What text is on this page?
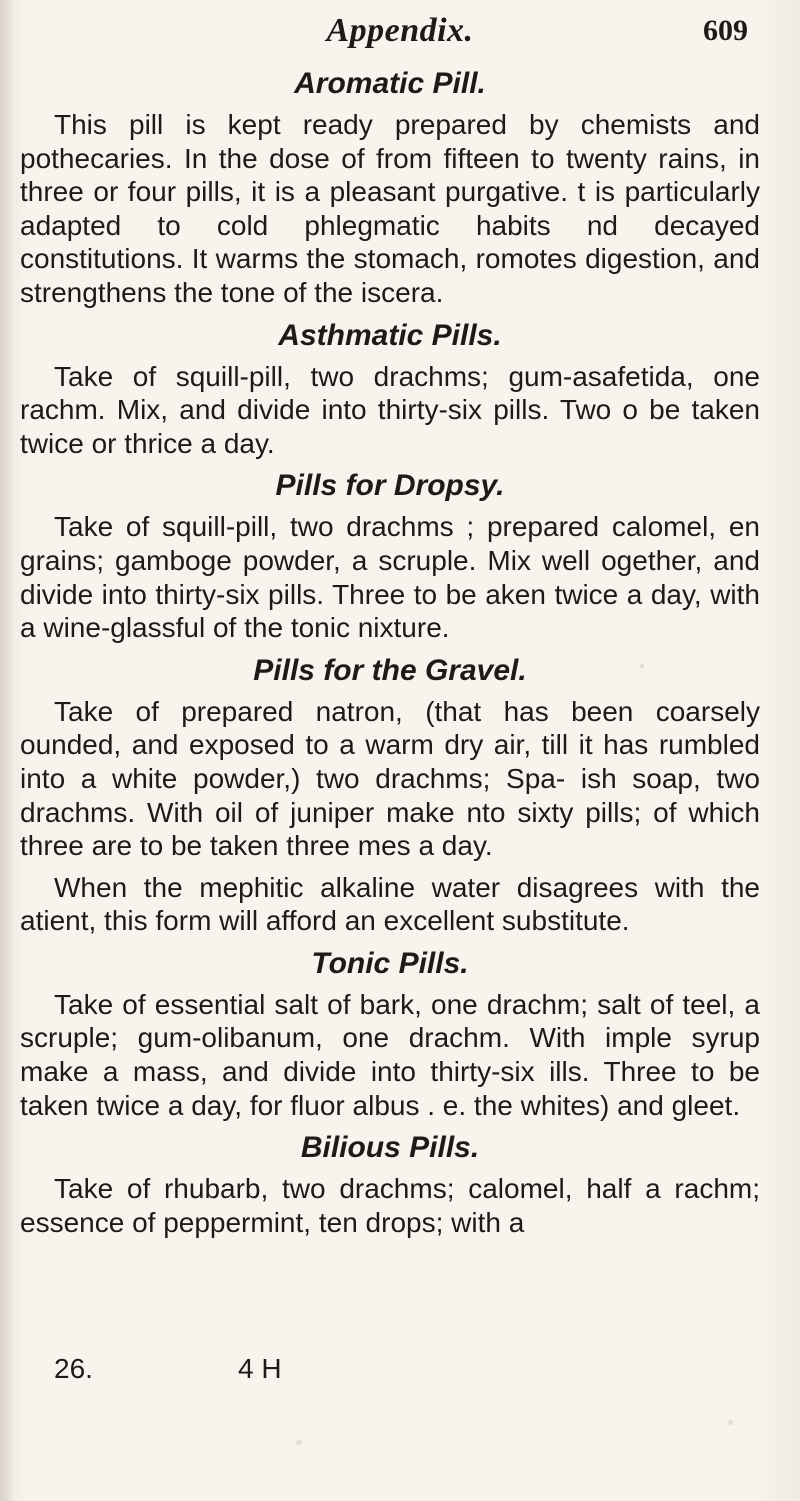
Appendix.	609
Aromatic Pill.

This pill is kept ready prepared by chemists and pothecaries. In the dose of from fifteen to twenty rains, in three or four pills, it is a pleasant purgative. t is particularly adapted to cold phlegmatic habits nd decayed constitutions. It warms the stomach, romotes digestion, and strengthens the tone of the iscera.

Asthmatic Pills.

Take of squill-pill, two drachms; gum-asafetida, one rachm. Mix, and divide into thirty-six pills. Two o be taken twice or thrice a day.

Pills for Dropsy.

Take of squill-pill, two drachms ; prepared calomel, en grains; gamboge powder, a scruple. Mix well ogether, and divide into thirty-six pills. Three to be aken twice a day, with a wine-glassful of the tonic nixture.

Pills for the Gravel.

Take of prepared natron, (that has been coarsely ounded, and exposed to a warm dry air, till it has rumbled into a white powder,) two drachms; Spa- ish soap, two drachms. With oil of juniper make nto sixty pills; of which three are to be taken three mes a day.

When the mephitic alkaline water disagrees with the atient, this form will afford an excellent substitute.

Tonic Pills.

Take of essential salt of bark, one drachm; salt of teel, a scruple; gum-olibanum, one drachm. With imple syrup make a mass, and divide into thirty-six ills. Three to be taken twice a day, for fluor albus . e. the whites) and gleet.

Bilious Pills.

Take of rhubarb, two drachms; calomel, half a rachm; essence of peppermint, ten drops; with a

26.	4 H
